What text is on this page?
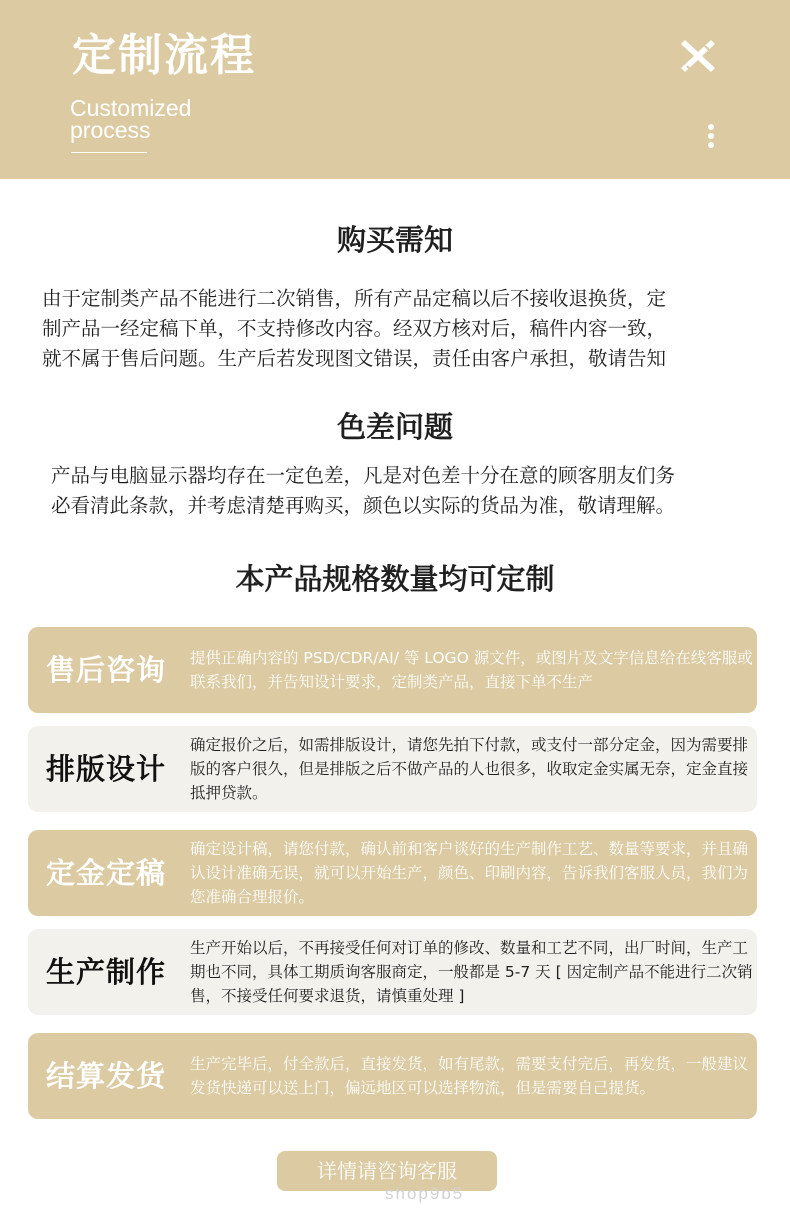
定制流程
Customized process
购买需知

由于定制类产品不能进行二次销售，所有产品定稿以后不接收退换货，定
制产品一经定稿下单，不支持修改内容。经双方核对后，稿件内容一致，
就不属于售后问题。生产后若发现图文错误，责任由客户承担，敬请告知

色差问题

产品与电脑显示器均存在一定色差，凡是对色差十分在意的顾客朋友们务
必看清此条款，并考虑清楚再购买，颜色以实际的货品为准，敬请理解。

本产品规格数量均可定制
售后咨询	提供正确内容的 PSD/CDR/AI/ 等 LOGO 源文件，或图片及文字信息给在线客服或联系我们，并告知设计要求，定制类产品，直接下单不生产
排版设计
确定报价之后，如需排版设计，请您先拍下付款，或支付一部分定金，因为需要排版的客户很久，但是排版之后不做产品的人也很多，收取定金实属无奈，定金直接抵押贷款。
定金定稿
确定设计稿，请您付款，确认前和客户谈好的生产制作工艺、数量等要求，并且确认设计准确无误，就可以开始生产，颜色、印刷内容，告诉我们客服人员，我们为您准确合理报价。
生产制作
生产开始以后，不再接受任何对订单的修改、数量和工艺不同，出厂时间，生产工期也不同，具体工期质询客服商定，一般都是 5-7 天 [ 因定制产品不能进行二次销售，不接受任何要求退货，请慎重处理 ]
结算发货	生产完毕后，付全款后，直接发货，如有尾款，需要支付完后，再发货，一般建议发货快递可以送上门，偏远地区可以选择物流，但是需要自己提货。
详情请咨询客服
shop9b5
